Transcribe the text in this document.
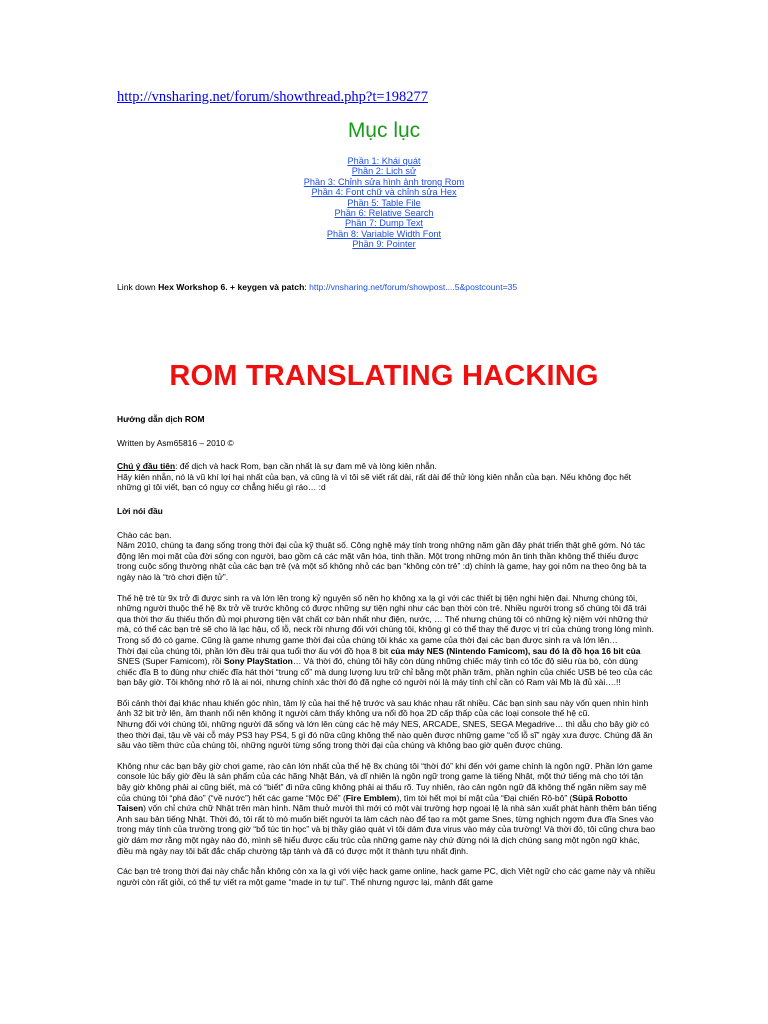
http://vnsharing.net/forum/showthread.php?t=198277
Mục lục
Phần 1: Khái quát
Phần 2: Lịch sử
Phần 3: Chỉnh sửa hình ảnh trong Rom
Phần 4: Font chữ và chỉnh sửa Hex
Phần 5: Table File
Phần 6: Relative Search
Phần 7: Dump Text
Phần 8: Variable Width Font
Phần 9: Pointer
Link down Hex Workshop 6. + keygen và patch: http://vnsharing.net/forum/showpost....5&postcount=35
ROM TRANSLATING HACKING

Hướng dẫn dịch ROM

Written by Asm65816 – 2010 ©

Chú ý đầu tiên: để dịch và hack Rom, bạn cần nhất là sự đam mê và lòng kiên nhẫn.

Hãy kiên nhẫn, nó là vũ khí lợi hại nhất của bạn, và cũng là vì tôi sẽ viết rất dài, rất dài để thử lòng kiên nhẫn của bạn. Nếu không đọc hết những gì tôi viết, bạn có nguy cơ chẳng hiểu gì ráo… :d

Lời nói đầu

Chào các bạn.

Năm 2010, chúng ta đang sống trong thời đại của kỹ thuật số. Công nghệ máy tính trong những năm gần đây phát triển thật ghê gớm. Nó tác động lên mọi mặt của đời sống con người, bao gồm cả các mặt văn hóa, tinh thần. Một trong những món ăn tinh thần không thể thiếu được trong cuộc sống thường nhật của các bạn trẻ (và một số không nhỏ các bạn “không còn trẻ” :d) chính là game, hay gọi nôm na theo ông bà ta ngày nào là “trò chơi điện tử”.

Thế hệ trẻ từ 9x trở đi được sinh ra và lớn lên trong kỷ nguyên số nên họ không xa lạ gì với các thiết bị tiện nghi hiện đại. Nhưng chúng tôi, những người thuộc thế hệ 8x trở về trước không có được những sự tiện nghi như các bạn thời còn trẻ. Nhiều người trong số chúng tôi đã trải qua thời thơ ấu thiếu thốn đủ mọi phương tiện vật chất cơ bản nhất như điện, nước, … Thế nhưng chúng tôi có những kỷ niệm với những thứ mà, có thể các bạn trẻ sẽ cho là lạc hậu, cổ lỗ, neck rồi nhưng đối với chúng tôi, không gì có thể thay thế được vị trí của chúng trong lòng mình. Trong số đó có game. Cũng là game nhưng game thời đại của chúng tôi khác xa game của thời đại các bạn được sinh ra và lớn lên…

Thời đại của chúng tôi, phần lớn đều trải qua tuổi thơ ấu với đồ họa 8 bit của máy NES (Nintendo Famicom), sau đó là đồ họa 16 bit của SNES (Super Famicom), rồi Sony PlayStation… Và thời đó, chúng tôi hãy còn dùng những chiếc máy tính có tốc độ siêu rùa bò, còn dùng chiếc đĩa B to đùng như chiếc đĩa hát thời “trung cổ” mà dung lượng lưu trữ chỉ bằng một phần trăm, phần nghìn của chiếc USB bé teo của các bạn bây giờ. Tôi không nhớ rõ là ai nói, nhưng chính xác thời đó đã nghe có người nói là máy tính chỉ cần có Ram vài Mb là đủ xài….!!

Bối cảnh thời đại khác nhau khiến góc nhìn, tâm lý của hai thế hệ trước và sau khác nhau rất nhiều. Các bạn sinh sau này vốn quen nhìn hình ảnh 32 bit trở lên, âm thanh nổi nên không ít người cảm thấy không ưa nổi đồ họa 2D cấp thấp của các loại console thế hệ cũ.

Nhưng đối với chúng tôi, những người đã sống và lớn lên cùng các hệ máy NES, ARCADE, SNES, SEGA Megadrive… thì dẫu cho bây giờ có theo thời đại, tậu về vài cỗ máy PS3 hay PS4, 5 gì đó nữa cũng không thể nào quên được những game “cổ lỗ sĩ” ngày xưa được. Chúng đã ăn sâu vào tiềm thức của chúng tôi, những người từng sống trong thời đại của chúng và không bao giờ quên được chúng.

Không như các bạn bây giờ chơi game, rào cản lớn nhất của thế hệ 8x chúng tôi “thời đó” khi đến với game chính là ngôn ngữ. Phần lớn game console lúc bấy giờ đều là sản phẩm của các hãng Nhật Bản, và dĩ nhiên là ngôn ngữ trong game là tiếng Nhật, một thứ tiếng mà cho tới tận bây giờ không phải ai cũng biết, mà có “biết” đi nữa cũng không phải ai thấu rõ. Tuy nhiên, rào cản ngôn ngữ đã không thể ngăn niềm say mê của chúng tôi “phá đảo” (“về nước”) hết các game “Mộc Đế” (Fire Emblem), tìm tòi hết mọi bí mật của “Đại chiến Rô-bô” (Süpā Robotto Taisen) vốn chỉ chứa chữ Nhật trên màn hình. Năm thuở mười thì mới có một vài trường hợp ngoại lệ là nhà sản xuất phát hành thêm bản tiếng Anh sau bản tiếng Nhật. Thời đó, tôi rất tò mò muốn biết người ta làm cách nào để tạo ra một game Snes, từng nghịch ngợm đưa đĩa Snes vào trong máy tính của trường trong giờ “bổ túc tin học” và bị thầy giáo quát vì tôi dám đưa virus vào máy của trường! Và thời đó, tôi cũng chưa bao giờ dám mơ rằng một ngày nào đó, mình sẽ hiểu được cấu trúc của những game này chứ đừng nói là dịch chúng sang một ngôn ngữ khác, điều mà ngày nay tôi bất đắc chấp chường tập tành và đã có được một ít thành tựu nhất định.

Các bạn trẻ trong thời đại này chắc hẳn không còn xa lạ gì với việc hack game online, hack game PC, dịch Việt ngữ cho các game này và nhiều người còn rất giỏi, có thể tự viết ra một game “made in tự tui”. Thế nhưng ngược lại, mảnh đất game
